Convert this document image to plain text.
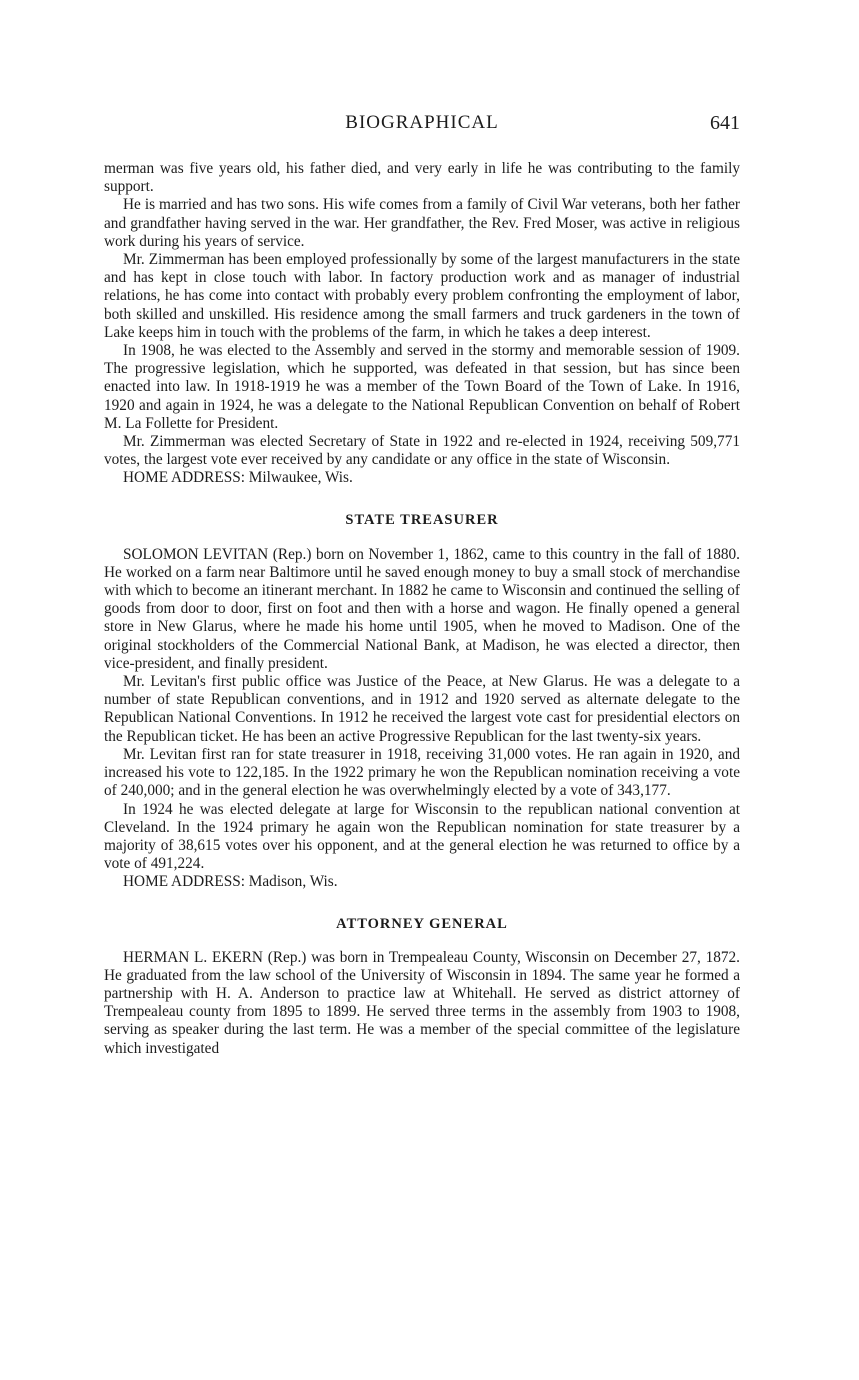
BIOGRAPHICAL	641

merman was five years old, his father died, and very early in life he was contributing to the family support.

He is married and has two sons. His wife comes from a family of Civil War veterans, both her father and grandfather having served in the war. Her grandfather, the Rev. Fred Moser, was active in religious work during his years of service.

Mr. Zimmerman has been employed professionally by some of the largest manufacturers in the state and has kept in close touch with labor. In factory production work and as manager of industrial relations, he has come into contact with probably every problem confronting the employment of labor, both skilled and unskilled. His residence among the small farmers and truck gardeners in the town of Lake keeps him in touch with the problems of the farm, in which he takes a deep interest.

In 1908, he was elected to the Assembly and served in the stormy and memorable session of 1909. The progressive legislation, which he supported, was defeated in that session, but has since been enacted into law. In 1918-1919 he was a member of the Town Board of the Town of Lake. In 1916, 1920 and again in 1924, he was a delegate to the National Republican Convention on behalf of Robert M. La Follette for President.

Mr. Zimmerman was elected Secretary of State in 1922 and re-elected in 1924, receiving 509,771 votes, the largest vote ever received by any candidate or any office in the state of Wisconsin.

HOME ADDRESS: Milwaukee, Wis.

STATE TREASURER

SOLOMON LEVITAN (Rep.) born on November 1, 1862, came to this country in the fall of 1880. He worked on a farm near Baltimore until he saved enough money to buy a small stock of merchandise with which to become an itinerant merchant. In 1882 he came to Wisconsin and continued the selling of goods from door to door, first on foot and then with a horse and wagon. He finally opened a general store in New Glarus, where he made his home until 1905, when he moved to Madison. One of the original stockholders of the Commercial National Bank, at Madison, he was elected a director, then vice-president, and finally president.

Mr. Levitan's first public office was Justice of the Peace, at New Glarus. He was a delegate to a number of state Republican conventions, and in 1912 and 1920 served as alternate delegate to the Republican National Conventions. In 1912 he received the largest vote cast for presidential electors on the Republican ticket. He has been an active Progressive Republican for the last twenty-six years.

Mr. Levitan first ran for state treasurer in 1918, receiving 31,000 votes. He ran again in 1920, and increased his vote to 122,185. In the 1922 primary he won the Republican nomination receiving a vote of 240,000; and in the general election he was overwhelmingly elected by a vote of 343,177.

In 1924 he was elected delegate at large for Wisconsin to the republican national convention at Cleveland. In the 1924 primary he again won the Republican nomination for state treasurer by a majority of 38,615 votes over his opponent, and at the general election he was returned to office by a vote of 491,224.

HOME ADDRESS: Madison, Wis.

ATTORNEY GENERAL

HERMAN L. EKERN (Rep.) was born in Trempealeau County, Wisconsin on December 27, 1872. He graduated from the law school of the University of Wisconsin in 1894. The same year he formed a partnership with H. A. Anderson to practice law at Whitehall. He served as district attorney of Trempealeau county from 1895 to 1899. He served three terms in the assembly from 1903 to 1908, serving as speaker during the last term. He was a member of the special committee of the legislature which investigated
